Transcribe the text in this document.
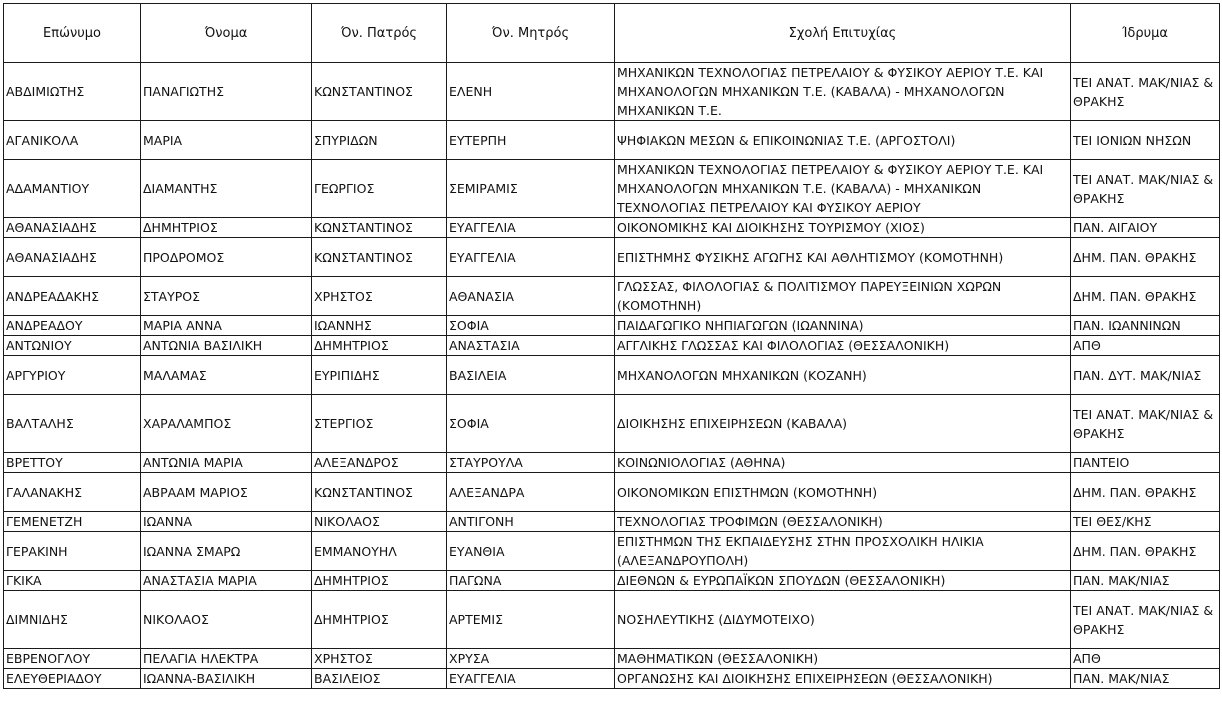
Επώνυμο	Όνομα	Όν. Πατρός	Όν. Μητρός	Σχολή Επιτυχίας	Ίδρυμα
ΑΒΔΙΜΙΩΤΗΣ	ΠΑΝΑΓΙΩΤΗΣ	ΚΩΝΣΤΑΝΤΙΝΟΣ	ΕΛΕΝΗ	ΜΗΧΑΝΙΚΩΝ ΤΕΧΝΟΛΟΓΙΑΣ ΠΕΤΡΕΛΑΙΟΥ & ΦΥΣΙΚΟΥ ΑΕΡΙΟΥ Τ.Ε. ΚΑΙ ΜΗΧΑΝΟΛΟΓΩΝ ΜΗΧΑΝΙΚΩΝ Τ.Ε. (ΚΑΒΑΛΑ) - ΜΗΧΑΝΟΛΟΓΩΝ ΜΗΧΑΝΙΚΩΝ Τ.Ε.	ΤΕΙ ΑΝΑΤ. ΜΑΚ/ΝΙΑΣ & ΘΡΑΚΗΣ
ΑΓΑΝΙΚΟΛΑ	ΜΑΡΙΑ	ΣΠΥΡΙΔΩΝ	ΕΥΤΕΡΠΗ	ΨΗΦΙΑΚΩΝ ΜΕΣΩΝ & ΕΠΙΚΟΙΝΩΝΙΑΣ Τ.Ε. (ΑΡΓΟΣΤΟΛΙ)	ΤΕΙ ΙΟΝΙΩΝ ΝΗΣΩΝ
ΑΔΑΜΑΝΤΙΟΥ	ΔΙΑΜΑΝΤΗΣ	ΓΕΩΡΓΙΟΣ	ΣΕΜΙΡΑΜΙΣ	ΜΗΧΑΝΙΚΩΝ ΤΕΧΝΟΛΟΓΙΑΣ ΠΕΤΡΕΛΑΙΟΥ & ΦΥΣΙΚΟΥ ΑΕΡΙΟΥ Τ.Ε. ΚΑΙ ΜΗΧΑΝΟΛΟΓΩΝ ΜΗΧΑΝΙΚΩΝ Τ.Ε. (ΚΑΒΑΛΑ) - ΜΗΧΑΝΙΚΩΝ ΤΕΧΝΟΛΟΓΙΑΣ ΠΕΤΡΕΛΑΙΟΥ ΚΑΙ ΦΥΣΙΚΟΥ ΑΕΡΙΟΥ	ΤΕΙ ΑΝΑΤ. ΜΑΚ/ΝΙΑΣ & ΘΡΑΚΗΣ
ΑΘΑΝΑΣΙΑΔΗΣ	ΔΗΜΗΤΡΙΟΣ	ΚΩΝΣΤΑΝΤΙΝΟΣ	ΕΥΑΓΓΕΛΙΑ	ΟΙΚΟΝΟΜΙΚΗΣ ΚΑΙ ΔΙΟΙΚΗΣΗΣ ΤΟΥΡΙΣΜΟΥ (ΧΙΟΣ)	ΠΑΝ. ΑΙΓΑΙΟΥ
ΑΘΑΝΑΣΙΑΔΗΣ	ΠΡΟΔΡΟΜΟΣ	ΚΩΝΣΤΑΝΤΙΝΟΣ	ΕΥΑΓΓΕΛΙΑ	ΕΠΙΣΤΗΜΗΣ ΦΥΣΙΚΗΣ ΑΓΩΓΗΣ ΚΑΙ ΑΘΛΗΤΙΣΜΟΥ (ΚΟΜΟΤΗΝΗ)	ΔΗΜ. ΠΑΝ. ΘΡΑΚΗΣ
ΑΝΔΡΕΑΔΑΚΗΣ	ΣΤΑΥΡΟΣ	ΧΡΗΣΤΟΣ	ΑΘΑΝΑΣΙΑ	ΓΛΩΣΣΑΣ, ΦΙΛΟΛΟΓΙΑΣ & ΠΟΛΙΤΙΣΜΟΥ ΠΑΡΕΥΞΕΙΝΙΩΝ ΧΩΡΩΝ (ΚΟΜΟΤΗΝΗ)	ΔΗΜ. ΠΑΝ. ΘΡΑΚΗΣ
ΑΝΔΡΕΑΔΟΥ	ΜΑΡΙΑ ΑΝΝΑ	ΙΩΑΝΝΗΣ	ΣΟΦΙΑ	ΠΑΙΔΑΓΩΓΙΚΟ ΝΗΠΙΑΓΩΓΩΝ (ΙΩΑΝΝΙΝΑ)	ΠΑΝ. ΙΩΑΝΝΙΝΩΝ
ΑΝΤΩΝΙΟΥ	ΑΝΤΩΝΙΑ ΒΑΣΙΛΙΚΗ	ΔΗΜΗΤΡΙΟΣ	ΑΝΑΣΤΑΣΙΑ	ΑΓΓΛΙΚΗΣ ΓΛΩΣΣΑΣ ΚΑΙ ΦΙΛΟΛΟΓΙΑΣ (ΘΕΣΣΑΛΟΝΙΚΗ)	ΑΠΘ
ΑΡΓΥΡΙΟΥ	ΜΑΛΑΜΑΣ	ΕΥΡΙΠΙΔΗΣ	ΒΑΣΙΛΕΙΑ	ΜΗΧΑΝΟΛΟΓΩΝ ΜΗΧΑΝΙΚΩΝ (ΚΟΖΑΝΗ)	ΠΑΝ. ΔΥΤ. ΜΑΚ/ΝΙΑΣ
ΒΑΛΤΑΛΗΣ	ΧΑΡΑΛΑΜΠΟΣ	ΣΤΕΡΓΙΟΣ	ΣΟΦΙΑ	ΔΙΟΙΚΗΣΗΣ ΕΠΙΧΕΙΡΗΣΕΩΝ (ΚΑΒΑΛΑ)	ΤΕΙ ΑΝΑΤ. ΜΑΚ/ΝΙΑΣ & ΘΡΑΚΗΣ
ΒΡΕΤΤΟΥ	ΑΝΤΩΝΙΑ ΜΑΡΙΑ	ΑΛΕΞΑΝΔΡΟΣ	ΣΤΑΥΡΟΥΛΑ	ΚΟΙΝΩΝΙΟΛΟΓΙΑΣ (ΑΘΗΝΑ)	ΠΑΝΤΕΙΟ
ΓΑΛΑΝΑΚΗΣ	ΑΒΡΑΑΜ ΜΑΡΙΟΣ	ΚΩΝΣΤΑΝΤΙΝΟΣ	ΑΛΕΞΑΝΔΡΑ	ΟΙΚΟΝΟΜΙΚΩΝ ΕΠΙΣΤΗΜΩΝ (ΚΟΜΟΤΗΝΗ)	ΔΗΜ. ΠΑΝ. ΘΡΑΚΗΣ
ΓΕΜΕΝΕΤΖΗ	ΙΩΑΝΝΑ	ΝΙΚΟΛΑΟΣ	ΑΝΤΙΓΟΝΗ	ΤΕΧΝΟΛΟΓΙΑΣ ΤΡΟΦΙΜΩΝ (ΘΕΣΣΑΛΟΝΙΚΗ)	ΤΕΙ ΘΕΣ/ΚΗΣ
ΓΕΡΑΚΙΝΗ	ΙΩΑΝΝΑ ΣΜΑΡΩ	ΕΜΜΑΝΟΥΗΛ	ΕΥΑΝΘΙΑ	ΕΠΙΣΤΗΜΩΝ ΤΗΣ ΕΚΠΑΙΔΕΥΣΗΣ ΣΤΗΝ ΠΡΟΣΧΟΛΙΚΗ ΗΛΙΚΙΑ (ΑΛΕΞΑΝΔΡΟΥΠΟΛΗ)	ΔΗΜ. ΠΑΝ. ΘΡΑΚΗΣ
ΓΚΙΚΑ	ΑΝΑΣΤΑΣΙΑ ΜΑΡΙΑ	ΔΗΜΗΤΡΙΟΣ	ΠΑΓΩΝΑ	ΔΙΕΘΝΩΝ & ΕΥΡΩΠΑΪΚΩΝ ΣΠΟΥΔΩΝ (ΘΕΣΣΑΛΟΝΙΚΗ)	ΠΑΝ. ΜΑΚ/ΝΙΑΣ
ΔΙΜΝΙΔΗΣ	ΝΙΚΟΛΑΟΣ	ΔΗΜΗΤΡΙΟΣ	ΑΡΤΕΜΙΣ	ΝΟΣΗΛΕΥΤΙΚΗΣ (ΔΙΔΥΜΟΤΕΙΧΟ)	ΤΕΙ ΑΝΑΤ. ΜΑΚ/ΝΙΑΣ & ΘΡΑΚΗΣ
ΕΒΡΕΝΟΓΛΟΥ	ΠΕΛΑΓΙΑ ΗΛΕΚΤΡΑ	ΧΡΗΣΤΟΣ	ΧΡΥΣΑ	ΜΑΘΗΜΑΤΙΚΩΝ (ΘΕΣΣΑΛΟΝΙΚΗ)	ΑΠΘ
ΕΛΕΥΘΕΡΙΑΔΟΥ	ΙΩΑΝΝΑ-ΒΑΣΙΛΙΚΗ	ΒΑΣΙΛΕΙΟΣ	ΕΥΑΓΓΕΛΙΑ	ΟΡΓΑΝΩΣΗΣ ΚΑΙ ΔΙΟΙΚΗΣΗΣ ΕΠΙΧΕΙΡΗΣΕΩΝ (ΘΕΣΣΑΛΟΝΙΚΗ)	ΠΑΝ. ΜΑΚ/ΝΙΑΣ
